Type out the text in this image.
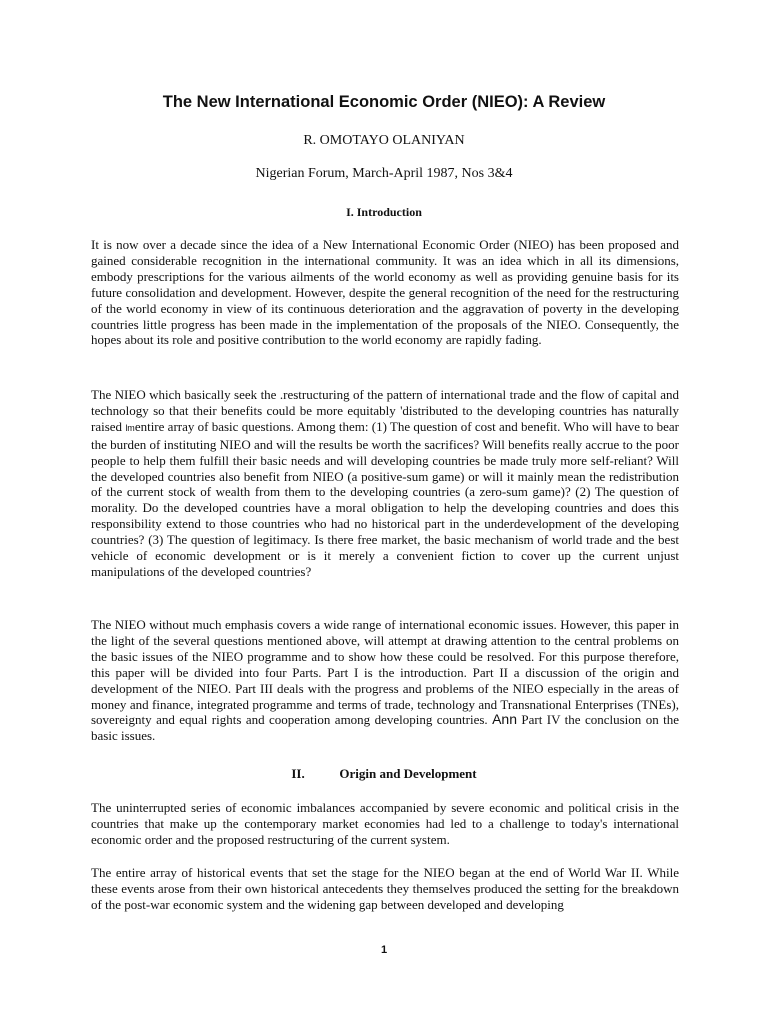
The New International Economic Order (NIEO): A Review

R. OMOTAYO OLANIYAN

Nigerian Forum, March-April 1987, Nos 3&4

I. Introduction

It is now over a decade since the idea of a New International Economic Order (NIEO) has been proposed and gained considerable recognition in the international community. It was an idea which in all its dimensions, embody prescriptions for the various ailments of the world economy as well as providing genuine basis for its future consolidation and development. However, despite the general recognition of the need for the restructuring of the world economy in view of its continuous deterioration and the aggravation of poverty in the developing countries little progress has been made in the implementation of the proposals of the NIEO. Consequently, the hopes about its role and positive contribution to the world economy are rapidly fading.

The NIEO which basically seek the .restructuring of the pattern of international trade and the flow of capital and technology so that their benefits could be more equitably 'distributed to the developing countries has naturally raised lmentire array of basic questions. Among them: (1) The question of cost and benefit. Who will have to bear the burden of instituting NIEO and will the results be worth the sacrifices? Will benefits really accrue to the poor people to help them fulfill their basic needs and will developing countries be made truly more self-reliant? Will the developed countries also benefit from NIEO (a positive-sum game) or will it mainly mean the redistribution of the current stock of wealth from them to the developing countries (a zero-sum game)? (2) The question of morality. Do the developed countries have a moral obligation to help the developing countries and does this responsibility extend to those countries who had no historical part in the underdevelopment of the developing countries? (3) The question of legitimacy. Is there free market, the basic mechanism of world trade and the best vehicle of economic development or is it merely a convenient fiction to cover up the current unjust manipulations of the developed countries?

The NIEO without much emphasis covers a wide range of international economic issues. However, this paper in the light of the several questions mentioned above, will attempt at drawing attention to the central problems on the basic issues of the NIEO programme and to show how these could be resolved. For this purpose therefore, this paper will be divided into four Parts. Part I is the introduction. Part II a discussion of the origin and development of the NIEO. Part III deals with the progress and problems of the NIEO especially in the areas of money and finance, integrated programme and terms of trade, technology and Transnational Enterprises (TNEs), sovereignty and equal rights and cooperation among developing countries. Ann Part IV the conclusion on the basic issues.

II.	Origin and Development

The uninterrupted series of economic imbalances accompanied by severe economic and political crisis in the countries that make up the contemporary market economies had led to a challenge to today's international economic order and the proposed restructuring of the current system.

The entire array of historical events that set the stage for the NIEO began at the end of World War II. While these events arose from their own historical antecedents they themselves produced the setting for the breakdown of the post-war economic system and the widening gap between developed and developing

1
